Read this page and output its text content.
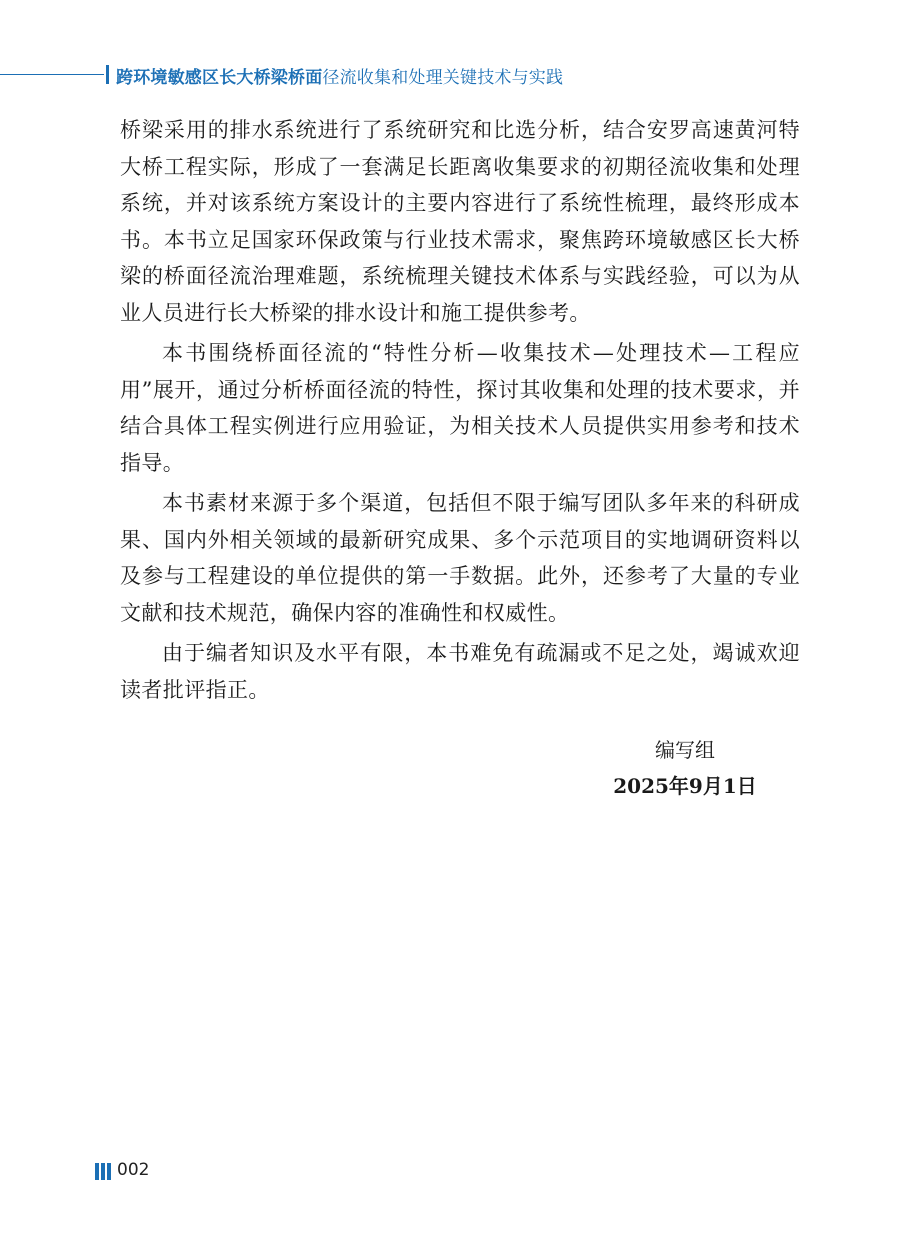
跨环境敏感区长大桥梁桥面径流收集和处理关键技术与实践

桥梁采用的排水系统进行了系统研究和比选分析，结合安罗高速黄河特大桥工程实际，形成了一套满足长距离收集要求的初期径流收集和处理系统，并对该系统方案设计的主要内容进行了系统性梳理，最终形成本书。本书立足国家环保政策与行业技术需求，聚焦跨环境敏感区长大桥梁的桥面径流治理难题，系统梳理关键技术体系与实践经验，可以为从业人员进行长大桥梁的排水设计和施工提供参考。

本书围绕桥面径流的“特性分析—收集技术—处理技术—工程应用”展开，通过分析桥面径流的特性，探讨其收集和处理的技术要求，并结合具体工程实例进行应用验证，为相关技术人员提供实用参考和技术指导。

本书素材来源于多个渠道，包括但不限于编写团队多年来的科研成果、国内外相关领域的最新研究成果、多个示范项目的实地调研资料以及参与工程建设的单位提供的第一手数据。此外，还参考了大量的专业文献和技术规范，确保内容的准确性和权威性。

由于编者知识及水平有限，本书难免有疏漏或不足之处，竭诚欢迎读者批评指正。

编写组
2025年9月1日
002
